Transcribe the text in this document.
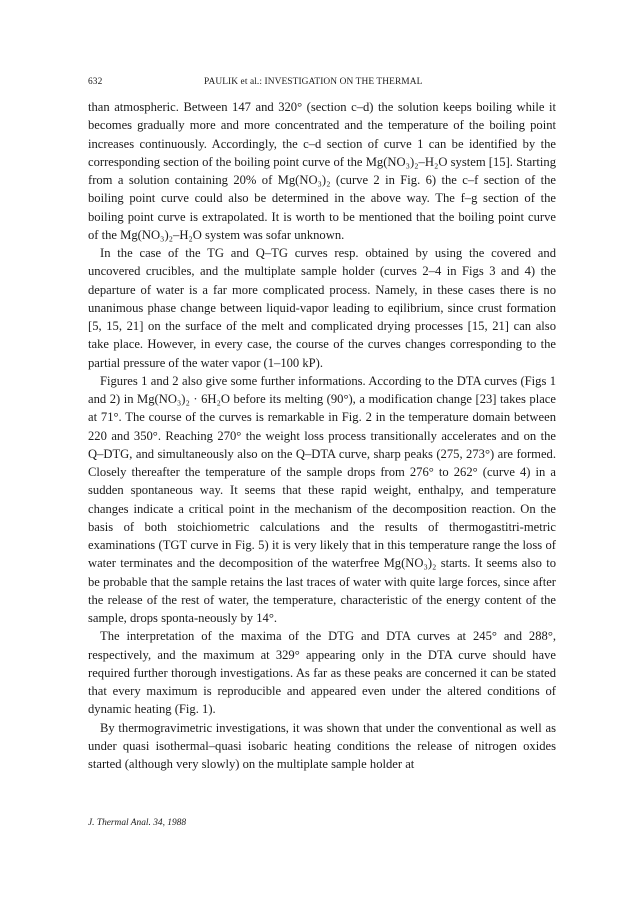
632	PAULIK et al.: INVESTIGATION ON THE THERMAL

than atmospheric. Between 147 and 320° (section c–d) the solution keeps boiling while it becomes gradually more and more concentrated and the temperature of the boiling point increases continuously. Accordingly, the c–d section of curve 1 can be identified by the corresponding section of the boiling point curve of the Mg(NO₃)₂–H₂O system [15]. Starting from a solution containing 20% of Mg(NO₃)₂ (curve 2 in Fig. 6) the c–f section of the boiling point curve could also be determined in the above way. The f–g section of the boiling point curve is extrapolated. It is worth to be mentioned that the boiling point curve of the Mg(NO₃)₂–H₂O system was sofar unknown.

In the case of the TG and Q–TG curves resp. obtained by using the covered and uncovered crucibles, and the multiplate sample holder (curves 2–4 in Figs 3 and 4) the departure of water is a far more complicated process. Namely, in these cases there is no unanimous phase change between liquid-vapor leading to eqilibrium, since crust formation [5, 15, 21] on the surface of the melt and complicated drying processes [15, 21] can also take place. However, in every case, the course of the curves changes corresponding to the partial pressure of the water vapor (1–100 kP).

Figures 1 and 2 also give some further informations. According to the DTA curves (Figs 1 and 2) in Mg(NO₃)₂ · 6H₂O before its melting (90°), a modification change [23] takes place at 71°. The course of the curves is remarkable in Fig. 2 in the temperature domain between 220 and 350°. Reaching 270° the weight loss process transitionally accelerates and on the Q–DTG, and simultaneously also on the Q–DTA curve, sharp peaks (275, 273°) are formed. Closely thereafter the temperature of the sample drops from 276° to 262° (curve 4) in a sudden spontaneous way. It seems that these rapid weight, enthalpy, and temperature changes indicate a critical point in the mechanism of the decomposition reaction. On the basis of both stoichiometric calculations and the results of thermogastitri-metric examinations (TGT curve in Fig. 5) it is very likely that in this temperature range the loss of water terminates and the decomposition of the waterfree Mg(NO₃)₂ starts. It seems also to be probable that the sample retains the last traces of water with quite large forces, since after the release of the rest of water, the temperature, characteristic of the energy content of the sample, drops sponta-neously by 14°.

The interpretation of the maxima of the DTG and DTA curves at 245° and 288°, respectively, and the maximum at 329° appearing only in the DTA curve should have required further thorough investigations. As far as these peaks are concerned it can be stated that every maximum is reproducible and appeared even under the altered conditions of dynamic heating (Fig. 1).

By thermogravimetric investigations, it was shown that under the conventional as well as under quasi isothermal–quasi isobaric heating conditions the release of nitrogen oxides started (although very slowly) on the multiplate sample holder at

J. Thermal Anal. 34, 1988
